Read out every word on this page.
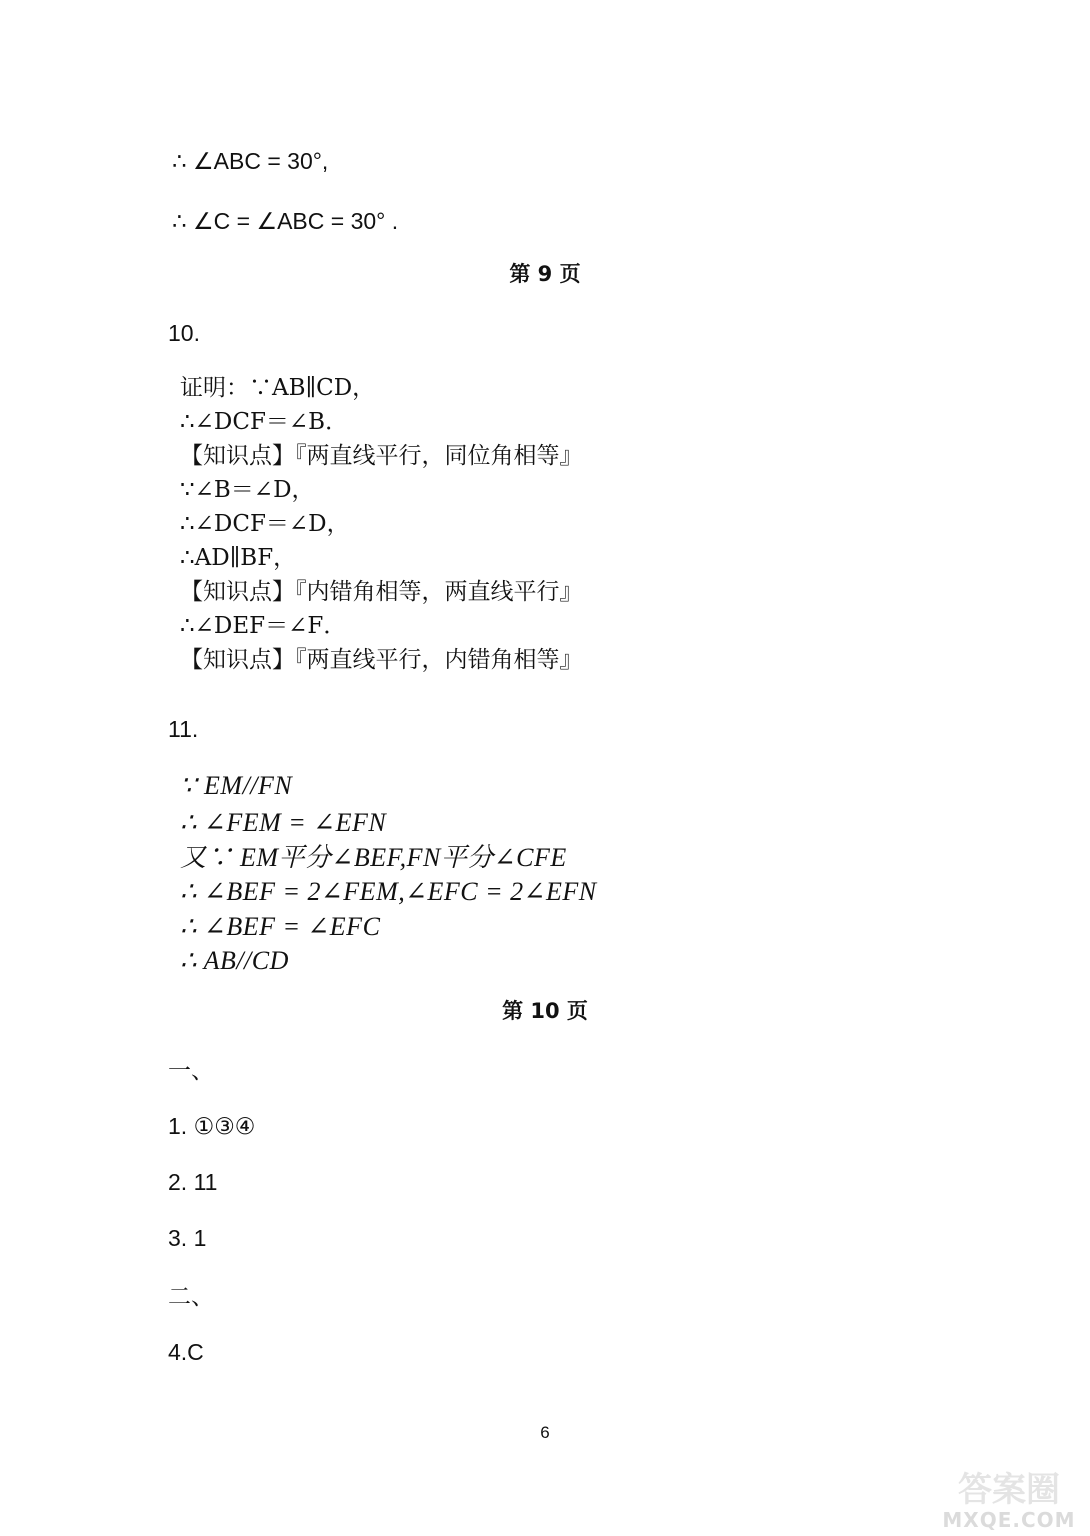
∴ ∠ABC = 30°,
∴ ∠C = ∠ABC = 30° .
第 9 页
10.
证明：∵AB∥CD，
∴∠DCF＝∠B．
【知识点】『两直线平行，同位角相等』
∵∠B＝∠D，
∴∠DCF＝∠D，
∴AD∥BF，
【知识点】『内错角相等，两直线平行』
∴∠DEF＝∠F．
【知识点】『两直线平行，内错角相等』
11.
∵ EM//FN
∴ ∠FEM = ∠EFN
又∵ EM平分∠BEF,FN平分∠CFE
∴ ∠BEF = 2∠FEM,∠EFC = 2∠EFN
∴ ∠BEF = ∠EFC
∴ AB//CD
第 10 页
一、
1. ①③④
2. 11
3. 1
二、
4.C
6
答案圈
MXQE.COM
